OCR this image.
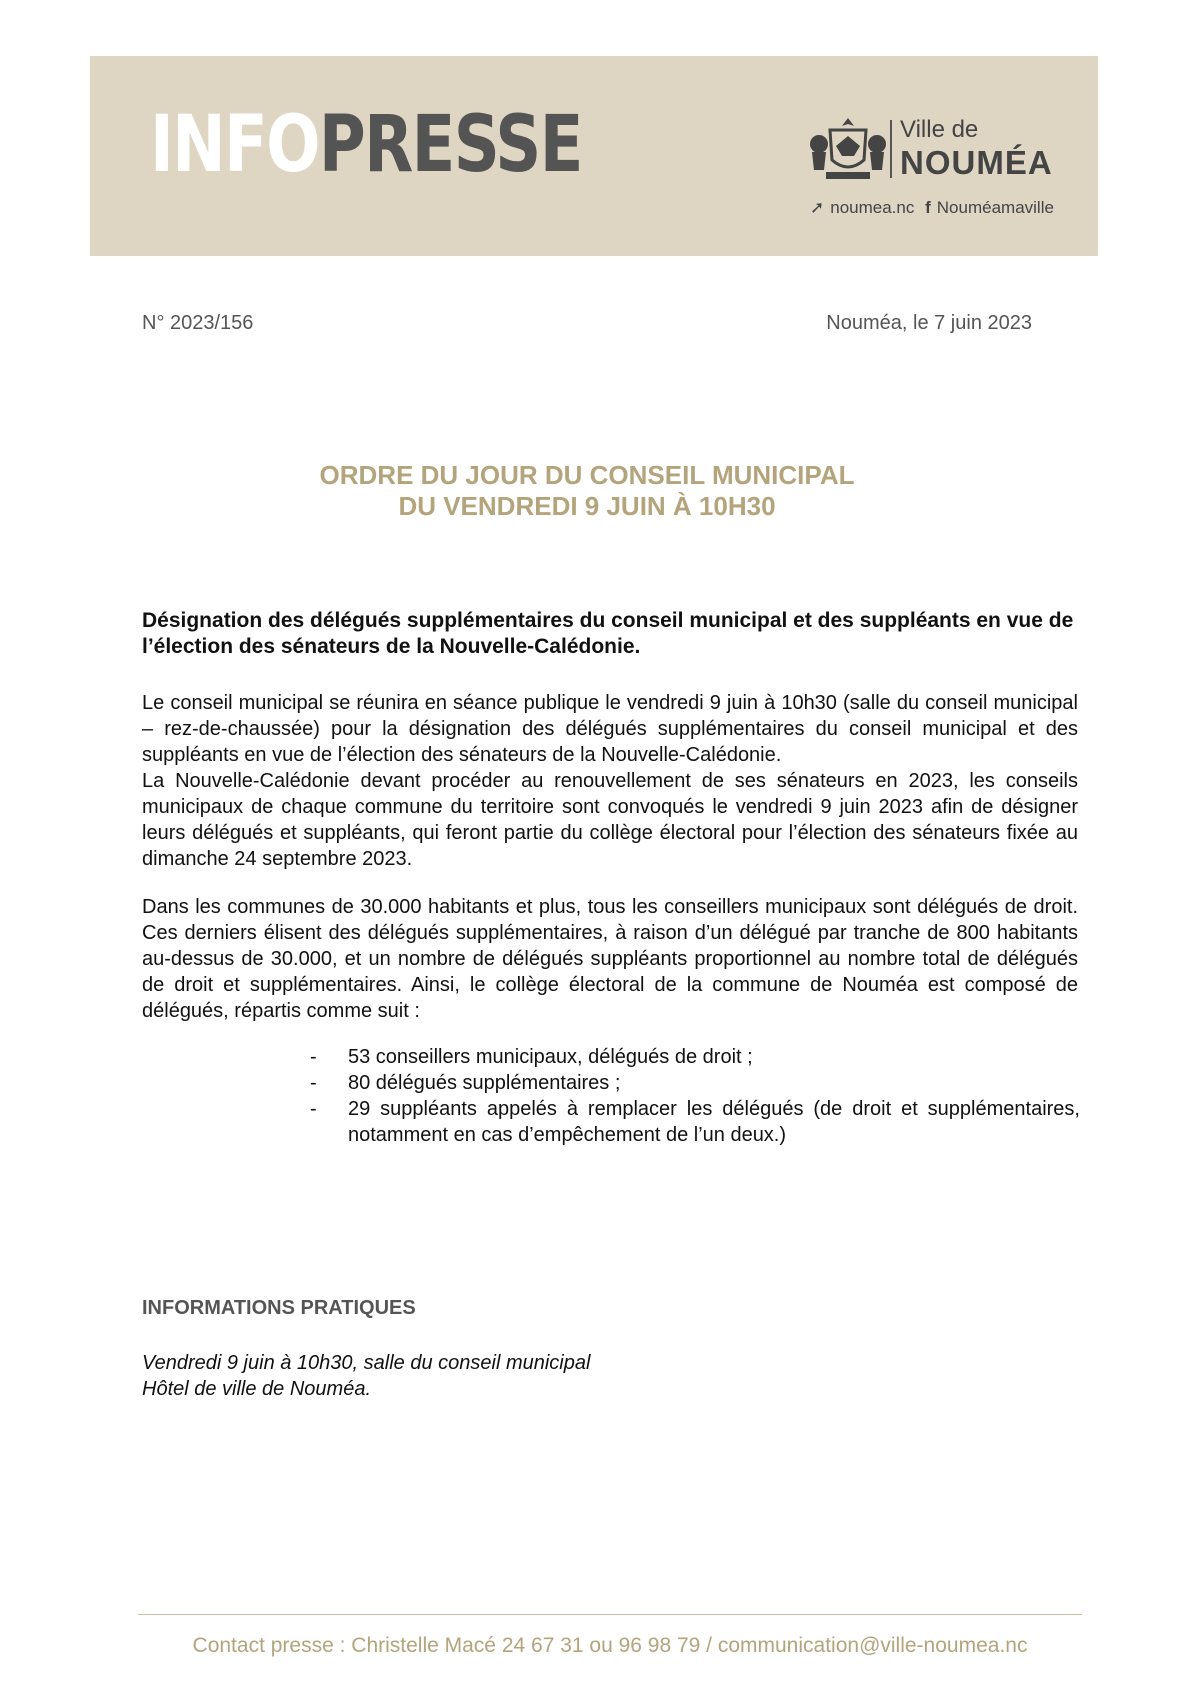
INFOPRESSE	Ville de
NOUMÉA
➚ noumea.nc f Nouméamaville
N° 2023/156	Nouméa, le 7 juin 2023
ORDRE DU JOUR DU CONSEIL MUNICIPAL
DU VENDREDI 9 JUIN À 10H30
Désignation des délégués supplémentaires du conseil municipal et des suppléants en vue de l’élection des sénateurs de la Nouvelle-Calédonie.
Le conseil municipal se réunira en séance publique le vendredi 9 juin à 10h30 (salle du conseil municipal – rez-de-chaussée) pour la désignation des délégués supplémentaires du conseil municipal et des suppléants en vue de l’élection des sénateurs de la Nouvelle-Calédonie.
La Nouvelle-Calédonie devant procéder au renouvellement de ses sénateurs en 2023, les conseils municipaux de chaque commune du territoire sont convoqués le vendredi 9 juin 2023 afin de désigner leurs délégués et suppléants, qui feront partie du collège électoral pour l’élection des sénateurs fixée au dimanche 24 septembre 2023.
Dans les communes de 30.000 habitants et plus, tous les conseillers municipaux sont délégués de droit. Ces derniers élisent des délégués supplémentaires, à raison d’un délégué par tranche de 800 habitants au-dessus de 30.000, et un nombre de délégués suppléants proportionnel au nombre total de délégués de droit et supplémentaires. Ainsi, le collège électoral de la commune de Nouméa est composé de délégués, répartis comme suit :
- 53 conseillers municipaux, délégués de droit ;
- 80 délégués supplémentaires ;
- 29 suppléants appelés à remplacer les délégués (de droit et supplémentaires, notamment en cas d’empêchement de l’un deux.)
INFORMATIONS PRATIQUES
Vendredi 9 juin à 10h30, salle du conseil municipal
Hôtel de ville de Nouméa.
Contact presse : Christelle Macé 24 67 31 ou 96 98 79 / communication@ville-noumea.nc
